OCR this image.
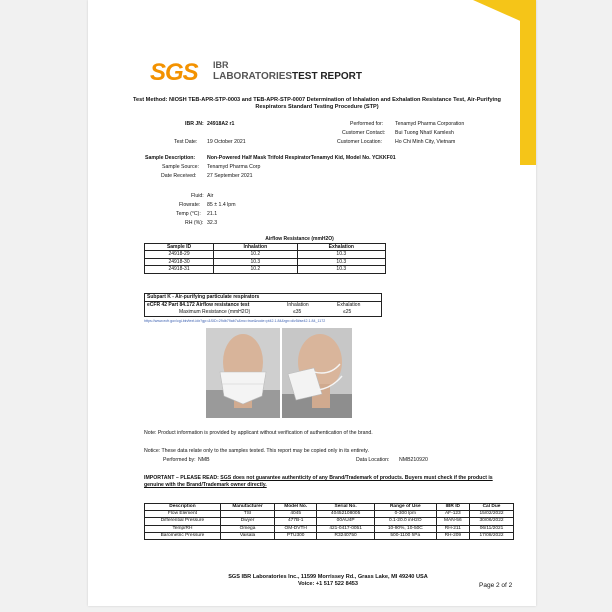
SGS IBR
LABORATORIES TEST REPORT
Test Method: NIOSH TEB-APR-STP-0003 and TEB-APR-STP-0007 Determination of Inhalation and Exhalation Resistance Test, Air-Purifying Respirators Standard Testing Procedure (STP)
IBR JN: 24918A2 r1
Test Date: 19 October 2021
Performed for: Tenamyd Pharma Corporation
Customer Contact: Bui Tuong Nhat/ Kamlesh
Customer Location:	Ho Chi Minh City, Vietnam
Sample Description: Non-Powered Half Mask Trifold RespiratorTenamyd Kid, Model No. YCKKF01
Sample Source: Tenamyd Pharma Corp
Date Received: 27 September 2021
Fluid: Air
Flowrate: 85 ± 1.4 lpm
Temp (°C): 21.1
RH (%): 32.3
	Airflow Resistance (mmH2O)	
Sample ID	Inhalation	Exhalation
24918-29	10.2	10.3
24918-30	10.3	10.3
24918-31	10.2	10.3
Subpart K - Air-purifying particulate respirators
eCFR 42 Part 84.172 Airflow resistance test	Inhalation	Exhalation
Maximum Resistance (mmH2O)	≤35	≤25
https://www.ecfr.gov/cgi-bin/text-idx?gp=&SID=29db79ab7c&mc=true&node=pt42.1.84&rgn=div5#se42.1.84_1172
Note: Product information is provided by applicant without verification of authentication of the brand.
Notice: These data relate only to the samples tested. This report may be copied only in its entirety.
Performed by: NMB	Data Location: NMB210920
IMPORTANT – PLEASE READ: SGS does not guarantee authenticity of any Brand/Trademark of products. Buyers must check if the product is genuine with the Brand/Trademark owner directly.
Description	Manufacturer	Model No.	Serial No.	Range of Use	IBR ID	Cal Due
Flow Element	TSI	4045	40452108005	0-300 lpm	AF-123	15/02/2022
Differential Pressure	Dwyer	477B-1	00AU4P	0.1-20.0 inH2O	MAN-56	30/06/2022
Temp/RH	Omega	OM-DVTH	421-0417-0051	10-90%, 10-50C	RH-211	06/11/2021
Barometric Pressure	Vaisala	PTU300	R3240750	500-1100 hPa	RH-209	17/08/2022
SGS IBR Laboratories Inc., 11599 Morrissey Rd., Grass Lake, MI 49240 USA
Voice: +1 517 522 8453	Page 2 of 2
